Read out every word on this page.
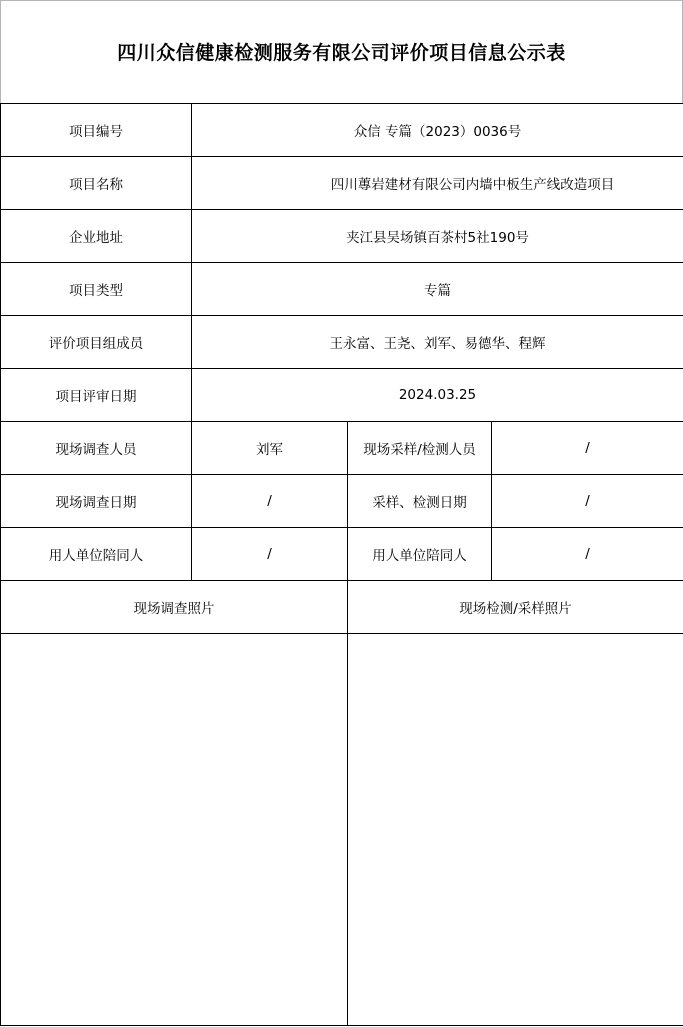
四川众信健康检测服务有限公司评价项目信息公示表
项目编号	众信 专篇（2023）0036号		
项目名称	四川蓴岩建材有限公司内墙中板生产线改造项目		
企业地址	夹江县吴场镇百茶村5社190号		
项目类型	专篇		
评价项目组成员	王永富、王尧、刘军、易德华、程辉		
项目评审日期	2024.03.25		
现场调查人员	刘军	现场采样/检测人员	/
现场调查日期	/	采样、检测日期	/
用人单位陪同人	/	用人单位陪同人	/
现场调查照片		现场检测/采样照片	
